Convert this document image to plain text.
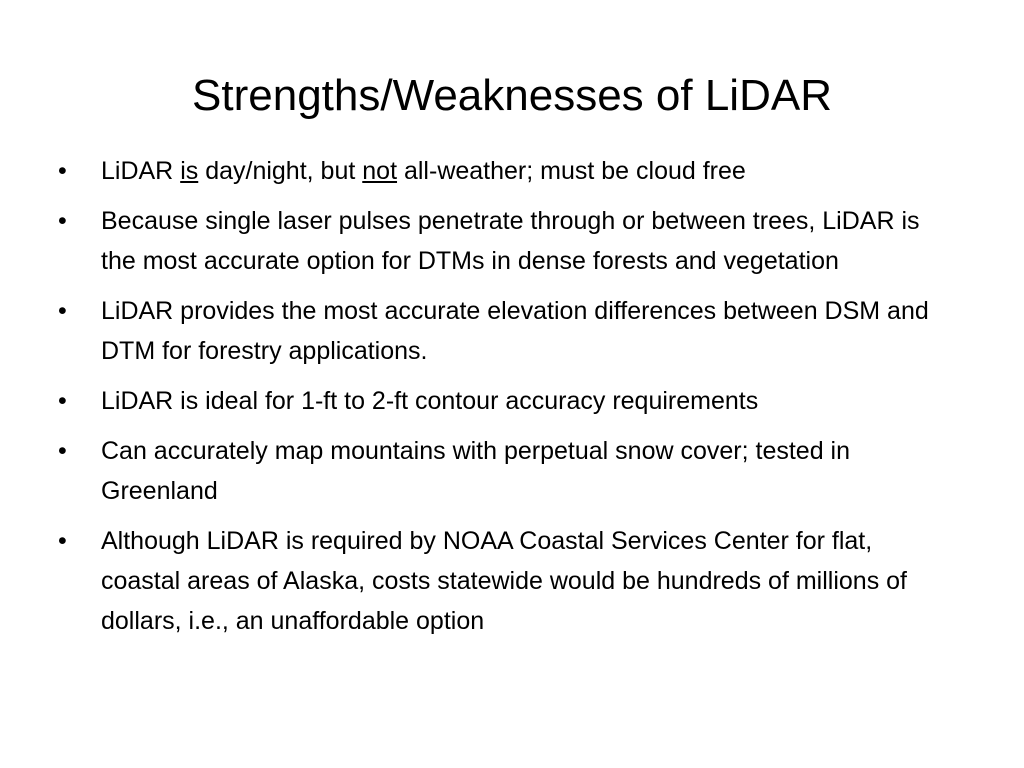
Strengths/Weaknesses of LiDAR
•	LiDAR is day/night, but not all-weather; must be cloud free
•	Because single laser pulses penetrate through or between trees, LiDAR is the most accurate option for DTMs in dense forests and vegetation
•	LiDAR provides the most accurate elevation differences between DSM and DTM for forestry applications.
•	LiDAR is ideal for 1-ft to 2-ft contour accuracy requirements
•	Can accurately map mountains with perpetual snow cover; tested in Greenland
•	Although LiDAR is required by NOAA Coastal Services Center for flat, coastal areas of Alaska, costs statewide would be hundreds of millions of dollars, i.e., an unaffordable option
